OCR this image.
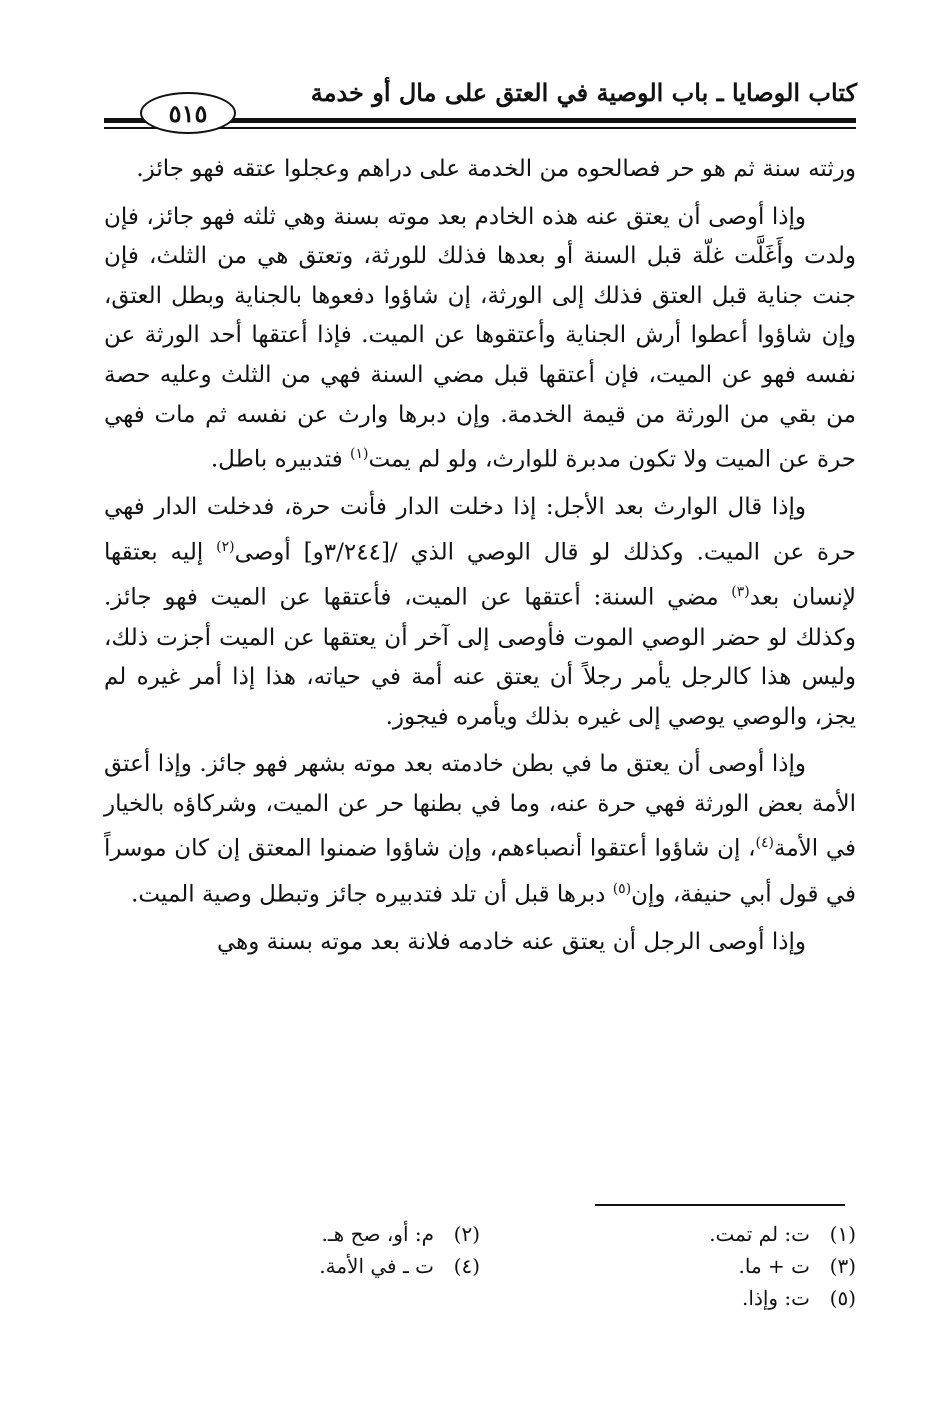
كتاب الوصايا ـ باب الوصية في العتق على مال أو خدمة
٥١٥

ورثته سنة ثم هو حر فصالحوه من الخدمة على دراهم وعجلوا عتقه فهو جائز.

وإذا أوصى أن يعتق عنه هذه الخادم بعد موته بسنة وهي ثلثه فهو جائز، فإن ولدت وأَغَلَّت غلّة قبل السنة أو بعدها فذلك للورثة، وتعتق هي من الثلث، فإن جنت جناية قبل العتق فذلك إلى الورثة، إن شاؤوا دفعوها بالجناية وبطل العتق، وإن شاؤوا أعطوا أرش الجناية وأعتقوها عن الميت. فإذا أعتقها أحد الورثة عن نفسه فهو عن الميت، فإن أعتقها قبل مضي السنة فهي من الثلث وعليه حصة من بقي من الورثة من قيمة الخدمة. وإن دبرها وارث عن نفسه ثم مات فهي حرة عن الميت ولا تكون مدبرة للوارث، ولو لم يمت$^{(١)}$ فتدبيره باطل.

وإذا قال الوارث بعد الأجل: إذا دخلت الدار فأنت حرة، فدخلت الدار فهي حرة عن الميت. وكذلك لو قال الوصي الذي /[٣/٢٤٤و] أوصى$^{(٢)}$ إليه بعتقها لإنسان بعد$^{(٣)}$ مضي السنة: أعتقها عن الميت، فأعتقها عن الميت فهو جائز. وكذلك لو حضر الوصي الموت فأوصى إلى آخر أن يعتقها عن الميت أجزت ذلك، وليس هذا كالرجل يأمر رجلاً أن يعتق عنه أمة في حياته، هذا إذا أمر غيره لم يجز، والوصي يوصي إلى غيره بذلك ويأمره فيجوز.

وإذا أوصى أن يعتق ما في بطن خادمته بعد موته بشهر فهو جائز. وإذا أعتق الأمة بعض الورثة فهي حرة عنه، وما في بطنها حر عن الميت، وشركاؤه بالخيار في الأمة$^{(٤)}$، إن شاؤوا أعتقوا أنصباءهم، وإن شاؤوا ضمنوا المعتق إن كان موسراً في قول أبي حنيفة، وإن$^{(٥)}$ دبرها قبل أن تلد فتدبيره جائز وتبطل وصية الميت.

وإذا أوصى الرجل أن يعتق عنه خادمه فلانة بعد موته بسنة وهي

(١)ت: لم تمت.
(٢)م: أو، صح هـ.
(٣)ت + ما.
(٤)ت ـ في الأمة.
(٥)ت: وإذا.
